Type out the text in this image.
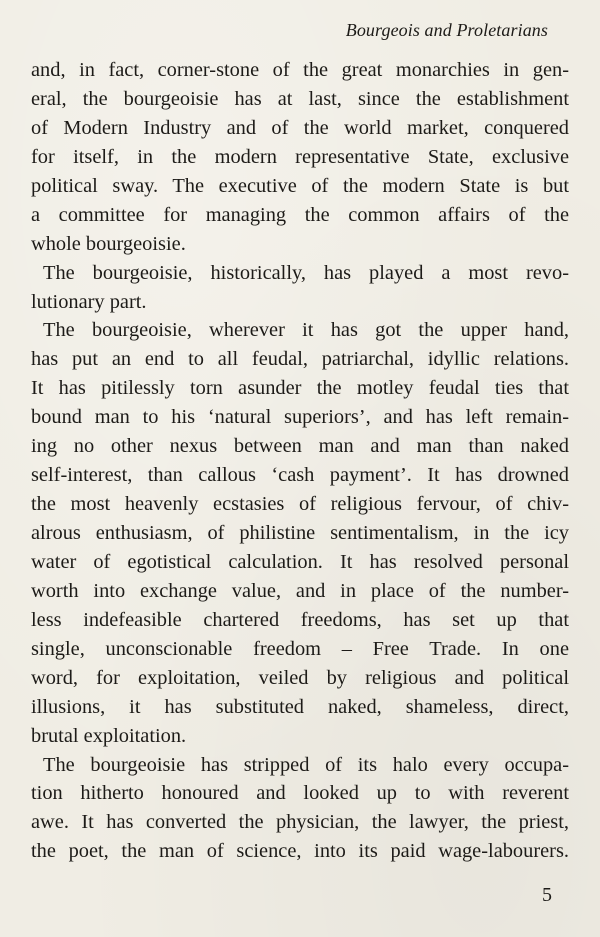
Bourgeois and Proletarians
and, in fact, corner-stone of the great monarchies in gen-
eral, the bourgeoisie has at last, since the establishment
of Modern Industry and of the world market, conquered
for itself, in the modern representative State, exclusive
political sway. The executive of the modern State is but
a committee for managing the common affairs of the
whole bourgeoisie.
The bourgeoisie, historically, has played a most revo-
lutionary part.
The bourgeoisie, wherever it has got the upper hand,
has put an end to all feudal, patriarchal, idyllic relations.
It has pitilessly torn asunder the motley feudal ties that
bound man to his ‘natural superiors’, and has left remain-
ing no other nexus between man and man than naked
self-interest, than callous ‘cash payment’. It has drowned
the most heavenly ecstasies of religious fervour, of chiv-
alrous enthusiasm, of philistine sentimentalism, in the icy
water of egotistical calculation. It has resolved personal
worth into exchange value, and in place of the number-
less indefeasible chartered freedoms, has set up that
single, unconscionable freedom – Free Trade. In one
word, for exploitation, veiled by religious and political
illusions, it has substituted naked, shameless, direct,
brutal exploitation.
The bourgeoisie has stripped of its halo every occupa-
tion hitherto honoured and looked up to with reverent
awe. It has converted the physician, the lawyer, the priest,
the poet, the man of science, into its paid wage-labourers.
5
